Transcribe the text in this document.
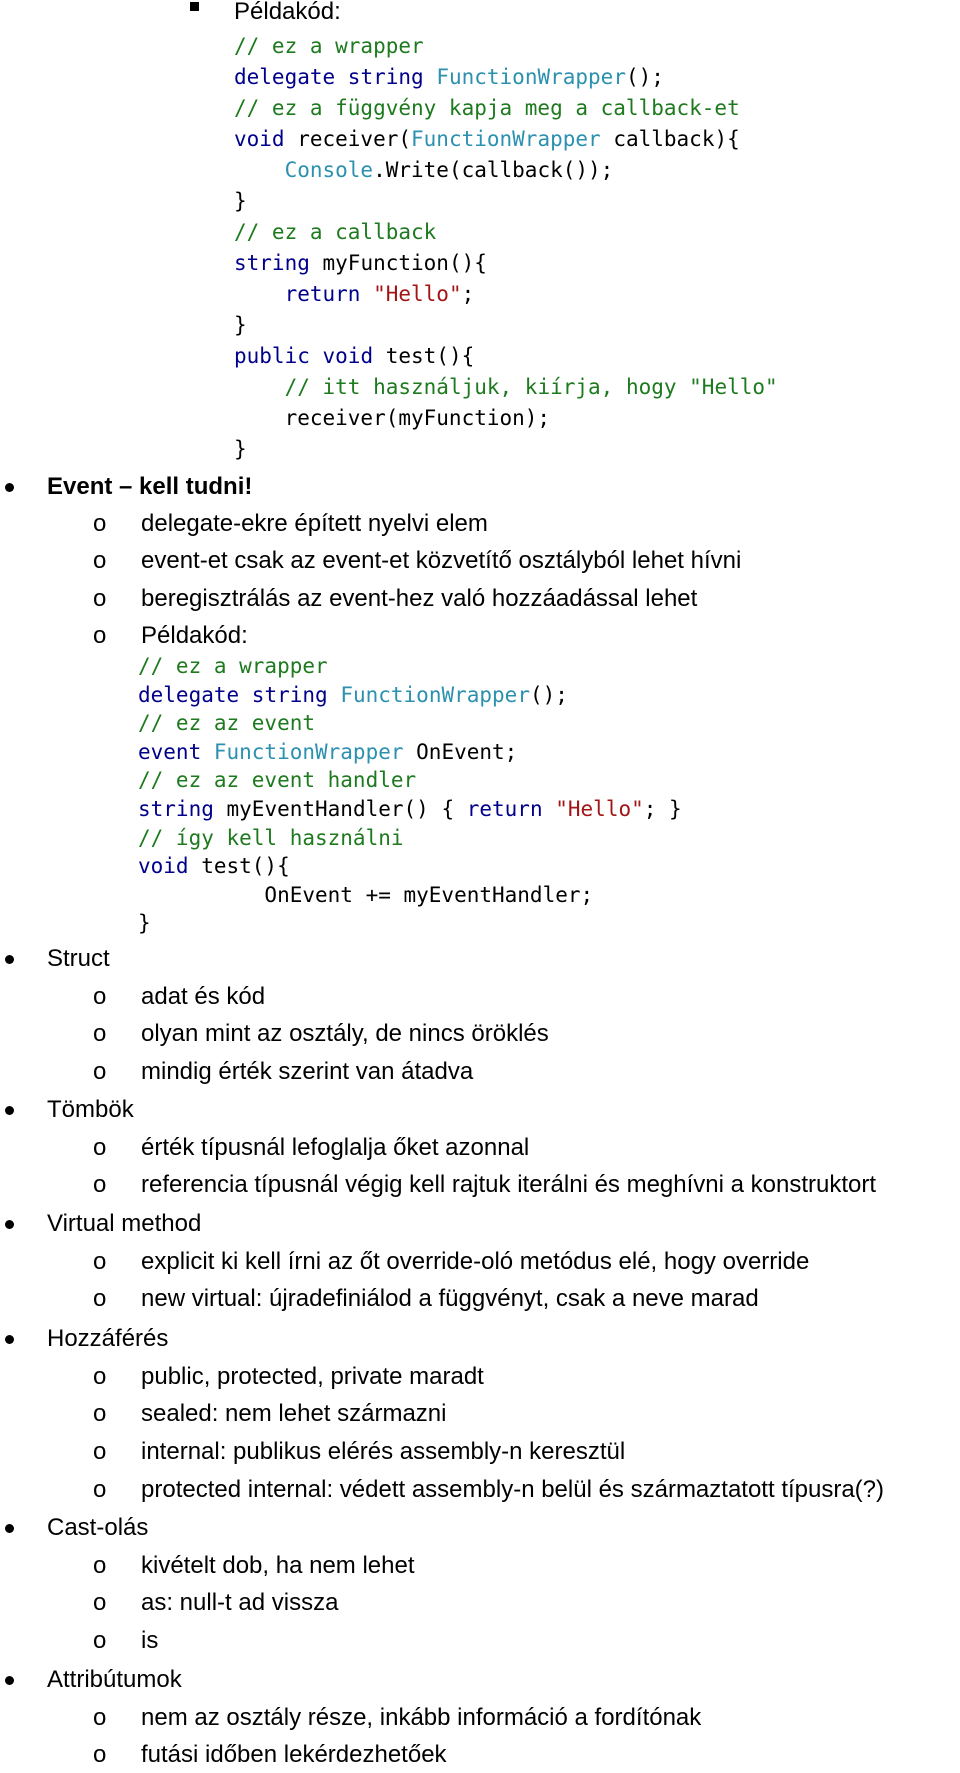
Példakód:
// ez a wrapper
delegate string FunctionWrapper();
// ez a függvény kapja meg a callback-et
void receiver(FunctionWrapper callback){
Console.Write(callback());
}
// ez a callback
string myFunction(){
return "Hello";
}
public void test(){
// itt használjuk, kiírja, hogy "Hello"
receiver(myFunction);
}
Event – kell tudni!
o delegate-ekre épített nyelvi elem
o event-et csak az event-et közvetítő osztályból lehet hívni
o beregisztrálás az event-hez való hozzáadással lehet
o Példakód:
// ez a wrapper
delegate string FunctionWrapper();
// ez az event
event FunctionWrapper OnEvent;
// ez az event handler
string myEventHandler() { return "Hello"; }
// így kell használni
void test(){
OnEvent += myEventHandler;
}
Struct
o adat és kód
o olyan mint az osztály, de nincs öröklés
o mindig érték szerint van átadva
Tömbök
o érték típusnál lefoglalja őket azonnal
o referencia típusnál végig kell rajtuk iterálni és meghívni a konstruktort
Virtual method
o explicit ki kell írni az őt override-oló metódus elé, hogy override
o new virtual: újradefiniálod a függvényt, csak a neve marad
Hozzáférés
o public, protected, private maradt
o sealed: nem lehet származni
o internal: publikus elérés assembly-n keresztül
o protected internal: védett assembly-n belül és származtatott típusra(?)
Cast-olás
o kivételt dob, ha nem lehet
o as: null-t ad vissza
o is
Attribútumok
o nem az osztály része, inkább információ a fordítónak
o futási időben lekérdezhetőek
